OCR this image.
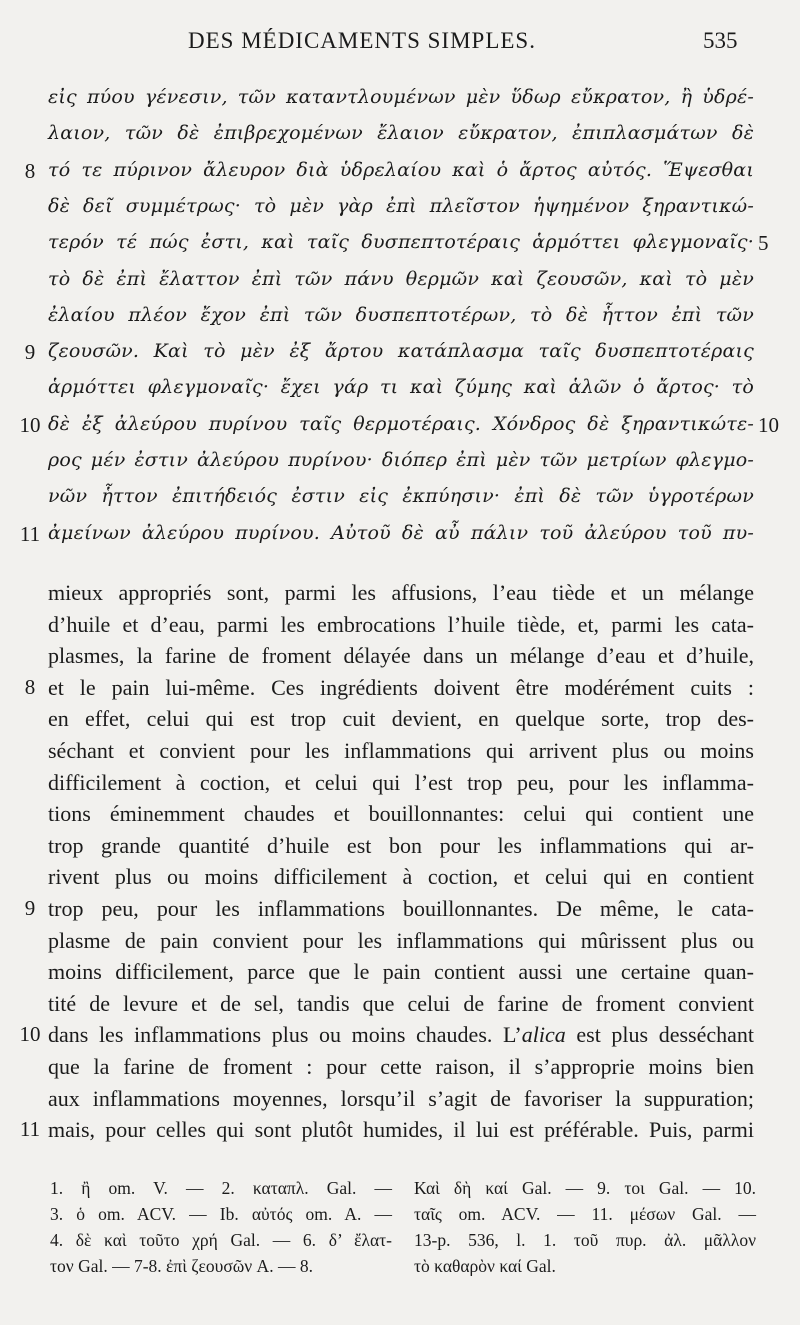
DES MÉDICAMENTS SIMPLES.	535
εἰς πύου γένεσιν, τῶν καταντλουμένων μὲν ὕδωρ εὔκρατον, ἢ ὑδρέ-
λαιον, τῶν δὲ ἐπιβρεχομένων ἔλαιον εὔκρατον, ἐπιπλασμάτων δὲ
8 τό τε πύρινον ἄλευρον διὰ ὑδρελαίου καὶ ὁ ἄρτος αὐτός. Ἕψεσθαι
δὲ δεῖ συμμέτρως· τὸ μὲν γὰρ ἐπὶ πλεῖστον ἡψημένον ξηραντικώ-
τερόν τέ πώς ἐστι, καὶ ταῖς δυσπεπτοτέραις ἁρμόττει φλεγμοναῖς· 5
τὸ δὲ ἐπὶ ἔλαττον ἐπὶ τῶν πάνυ θερμῶν καὶ ζεουσῶν, καὶ τὸ μὲν
ἐλαίου πλέον ἔχον ἐπὶ τῶν δυσπεπτοτέρων, τὸ δὲ ἧττον ἐπὶ τῶν
9 ζεουσῶν. Καὶ τὸ μὲν ἐξ ἄρτου κατάπλασμα ταῖς δυσπεπτοτέραις
ἁρμόττει φλεγμοναῖς· ἔχει γάρ τι καὶ ζύμης καὶ ἁλῶν ὁ ἄρτος· τὸ
10 δὲ ἐξ ἀλεύρου πυρίνου ταῖς θερμοτέραις. Χόνδρος δὲ ξηραντικώτε- 10
ρος μέν ἐστιν ἀλεύρου πυρίνου· διόπερ ἐπὶ μὲν τῶν μετρίων φλεγμο-
νῶν ἧττον ἐπιτήδειός ἐστιν εἰς ἐκπύησιν· ἐπὶ δὲ τῶν ὑγροτέρων
11 ἀμείνων ἀλεύρου πυρίνου. Αὐτοῦ δὲ αὖ πάλιν τοῦ ἀλεύρου τοῦ πυ-
mieux appropriés sont, parmi les affusions, l’eau tiède et un mélange
d’huile et d’eau, parmi les embrocations l’huile tiède, et, parmi les cata-
plasmes, la farine de froment délayée dans un mélange d’eau et d’huile,
8 et le pain lui-même. Ces ingrédients doivent être modérément cuits :
en effet, celui qui est trop cuit devient, en quelque sorte, trop des-
séchant et convient pour les inflammations qui arrivent plus ou moins
difficilement à coction, et celui qui l’est trop peu, pour les inflamma-
tions éminemment chaudes et bouillonnantes: celui qui contient une
trop grande quantité d’huile est bon pour les inflammations qui ar-
rivent plus ou moins difficilement à coction, et celui qui en contient
9 trop peu, pour les inflammations bouillonnantes. De même, le cata-
plasme de pain convient pour les inflammations qui mûrissent plus ou
moins difficilement, parce que le pain contient aussi une certaine quan-
tité de levure et de sel, tandis que celui de farine de froment convient
10 dans les inflammations plus ou moins chaudes. L’alica est plus desséchant
que la farine de froment : pour cette raison, il s’approprie moins bien
aux inflammations moyennes, lorsqu’il s’agit de favoriser la suppuration;
11 mais, pour celles qui sont plutôt humides, il lui est préférable. Puis, parmi
1. ἢ om. V. — 2. καταπλ. Gal. —
3. ὁ om. ACV. — Ib. αὐτός om. A. —
4. δὲ καὶ τοῦτο χρή Gal. — 6. δ’ ἔλατ-
τον Gal. — 7-8. ἐπὶ ζεουσῶν A. — 8.
Καὶ δὴ καί Gal. — 9. τοι Gal. — 10.
ταῖς om. ACV. — 11. μέσων Gal. —
13-p. 536, l. 1. τοῦ πυρ. ἀλ. μᾶλλον
τὸ καθαρὸν καί Gal.
